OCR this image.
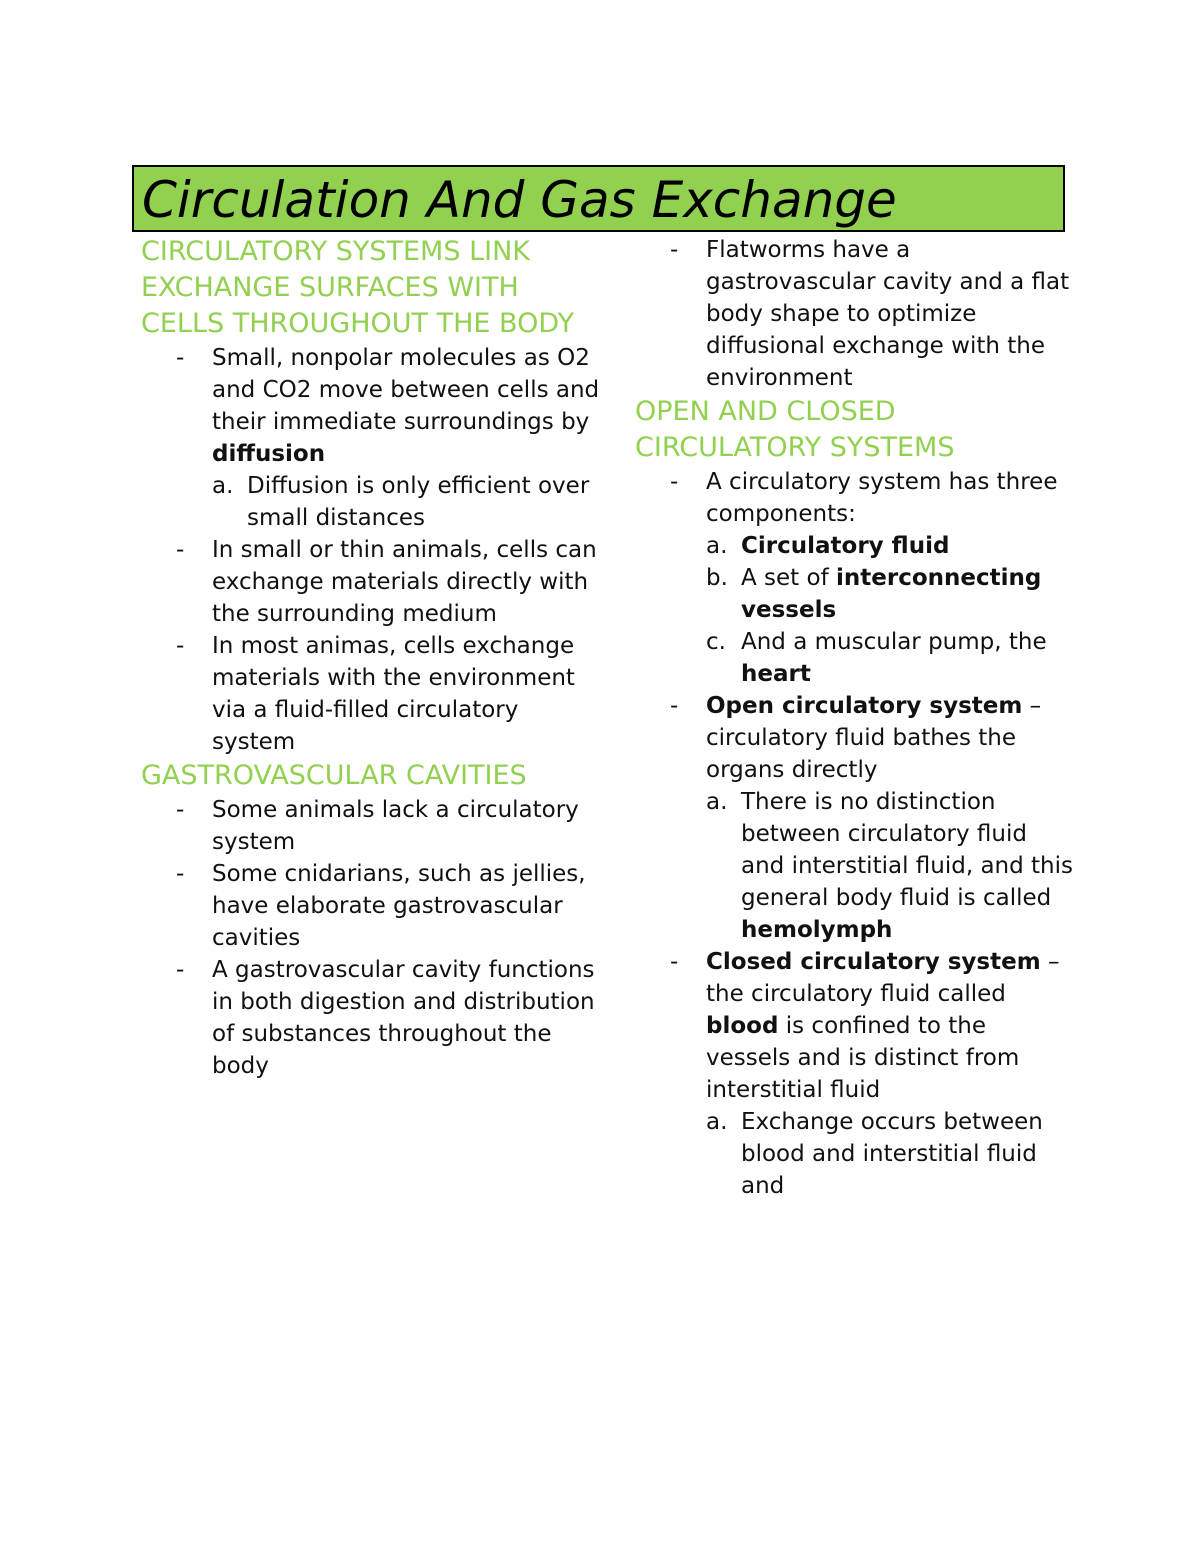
Circulation And Gas Exchange

CIRCULATORY SYSTEMS LINK EXCHANGE SURFACES WITH CELLS THROUGHOUT THE BODY

- Small, nonpolar molecules as O2 and CO2 move between cells and their immediate surroundings by diffusion

a. Diffusion is only efficient over small distances

- In small or thin animals, cells can exchange materials directly with the surrounding medium

- In most animas, cells exchange materials with the environment via a fluid-filled circulatory system

GASTROVASCULAR CAVITIES

- Some animals lack a circulatory system

- Some cnidarians, such as jellies, have elaborate gastrovascular cavities

- A gastrovascular cavity functions in both digestion and distribution of substances throughout the body

- Flatworms have a gastrovascular cavity and a flat body shape to optimize diffusional exchange with the environment

OPEN AND CLOSED CIRCULATORY SYSTEMS

- A circulatory system has three components:

a. Circulatory fluid

b. A set of interconnecting vessels

c. And a muscular pump, the heart

- Open circulatory system – circulatory fluid bathes the organs directly

a. There is no distinction between circulatory fluid and interstitial fluid, and this general body fluid is called hemolymph

- Closed circulatory system – the circulatory fluid called blood is confined to the vessels and is distinct from interstitial fluid

a. Exchange occurs between blood and interstitial fluid and
